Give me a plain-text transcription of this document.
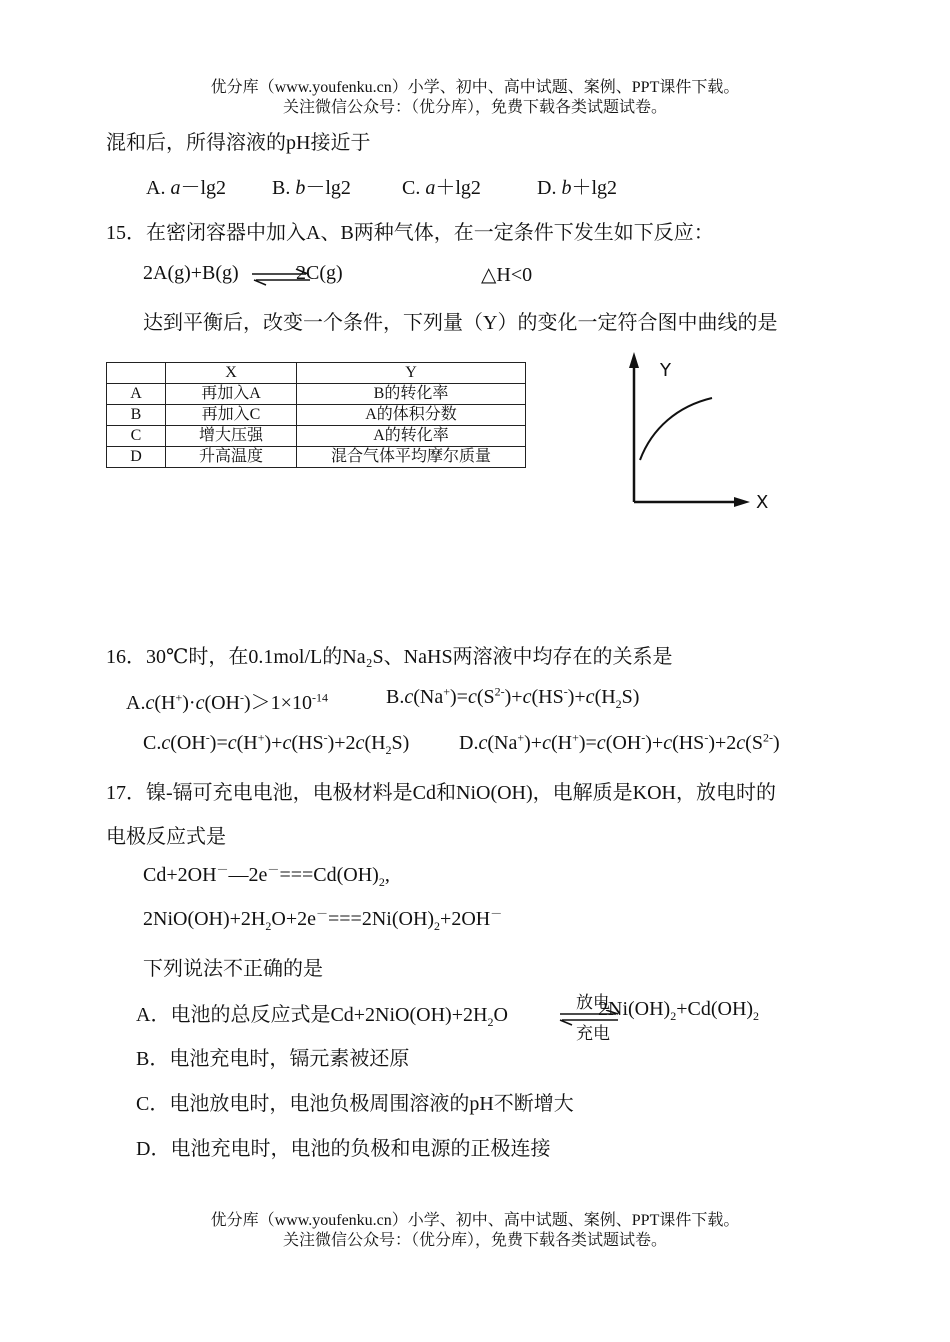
优分库（www.youfenku.cn）小学、初中、高中试题、案例、PPT课件下载。
关注微信公众号：（优分库），免费下载各类试题试卷。
混和后，所得溶液的pH接近于
A. a－lg2 B. b－lg2	C. a＋lg2	D. b＋lg2
15．在密闭容器中加入A、B两种气体，在一定条件下发生如下反应：
2A(g)+B(g) ⇌
2C(g)	△H<0
达到平衡后，改变一个条件，下列量（Y）的变化一定符合图中曲线的是
	X	Y
A	再加入A	B的转化率
B	再加入C	A的体积分数
C	增大压强	A的转化率
D	升高温度	混合气体平均摩尔质量
Y
X
16．30℃时，在0.1mol/L的Na₂S、NaHS两溶液中均存在的关系是
$A.c(H^+)\cdot c(OH^-)>1\times 10^{-14}$	$B.c(Na^+)=c(S^{2-})+c(HS^-)+c(H_2S)$
$C.c(OH^-)=c(H^+)+c(HS^-)+2c(H_2S)$ $D.c(Na^+)+c(H^+)=c(OH^-)+c(HS^-)+2c(S^{2-})$
17．镍-镉可充电电池，电极材料是Cd和NiO(OH)，电解质是KOH，放电时的
电极反应式是
$Cd+2OH^-—2e^-===Cd(OH)_2$,
$2NiO(OH)+2H_2O+2e^-===2Ni(OH)_2+2OH^-$
下列说法不正确的是
A．电池的总反应式是$Cd+2NiO(OH)+2H_2O$
放电
充电
$2Ni(OH)_2+Cd(OH)_2$
B．电池充电时，镉元素被还原
C．电池放电时，电池负极周围溶液的pH不断增大
D．电池充电时，电池的负极和电源的正极连接
优分库（www.youfenku.cn）小学、初中、高中试题、案例、PPT课件下载。
关注微信公众号：（优分库），免费下载各类试题试卷。
